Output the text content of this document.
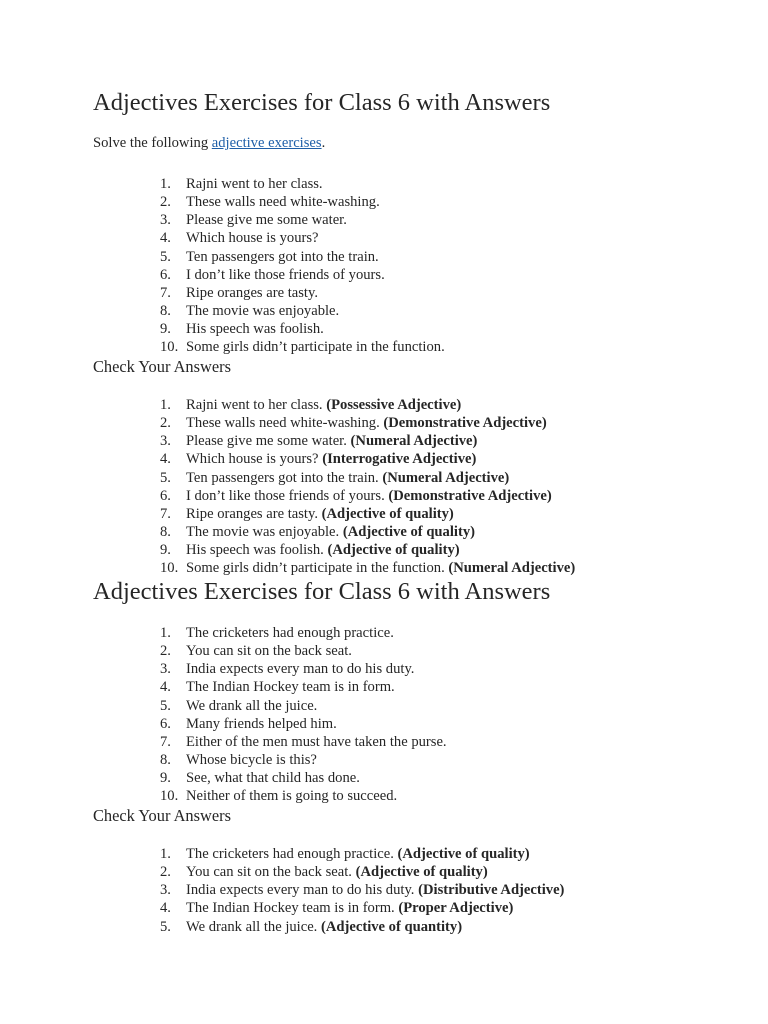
Adjectives Exercises for Class 6 with Answers

Solve the following adjective exercises.

1.	Rajni went to her class.
2.	These walls need white-washing.
3.	Please give me some water.
4.	Which house is yours?
5.	Ten passengers got into the train.
6.	I don’t like those friends of yours.
7.	Ripe oranges are tasty.
8.	The movie was enjoyable.
9.	His speech was foolish.
10. Some girls didn’t participate in the function.
Check Your Answers
1.	Rajni went to her class. (Possessive Adjective)
2.	These walls need white-washing. (Demonstrative Adjective)
3.	Please give me some water. (Numeral Adjective)
4.	Which house is yours? (Interrogative Adjective)
5.	Ten passengers got into the train. (Numeral Adjective)
6.	I don’t like those friends of yours. (Demonstrative Adjective)
7.	Ripe oranges are tasty. (Adjective of quality)
8.	The movie was enjoyable. (Adjective of quality)
9.	His speech was foolish. (Adjective of quality)
10. Some girls didn’t participate in the function. (Numeral Adjective)
Adjectives Exercises for Class 6 with Answers
1.	The cricketers had enough practice.
2.	You can sit on the back seat.
3.	India expects every man to do his duty.
4.	The Indian Hockey team is in form.
5.	We drank all the juice.
6.	Many friends helped him.
7.	Either of the men must have taken the purse.
8.	Whose bicycle is this?
9.	See, what that child has done.
10. Neither of them is going to succeed.
Check Your Answers
1.	The cricketers had enough practice. (Adjective of quality)
2.	You can sit on the back seat. (Adjective of quality)
3.	India expects every man to do his duty. (Distributive Adjective)
4.	The Indian Hockey team is in form. (Proper Adjective)
5.	We drank all the juice. (Adjective of quantity)
